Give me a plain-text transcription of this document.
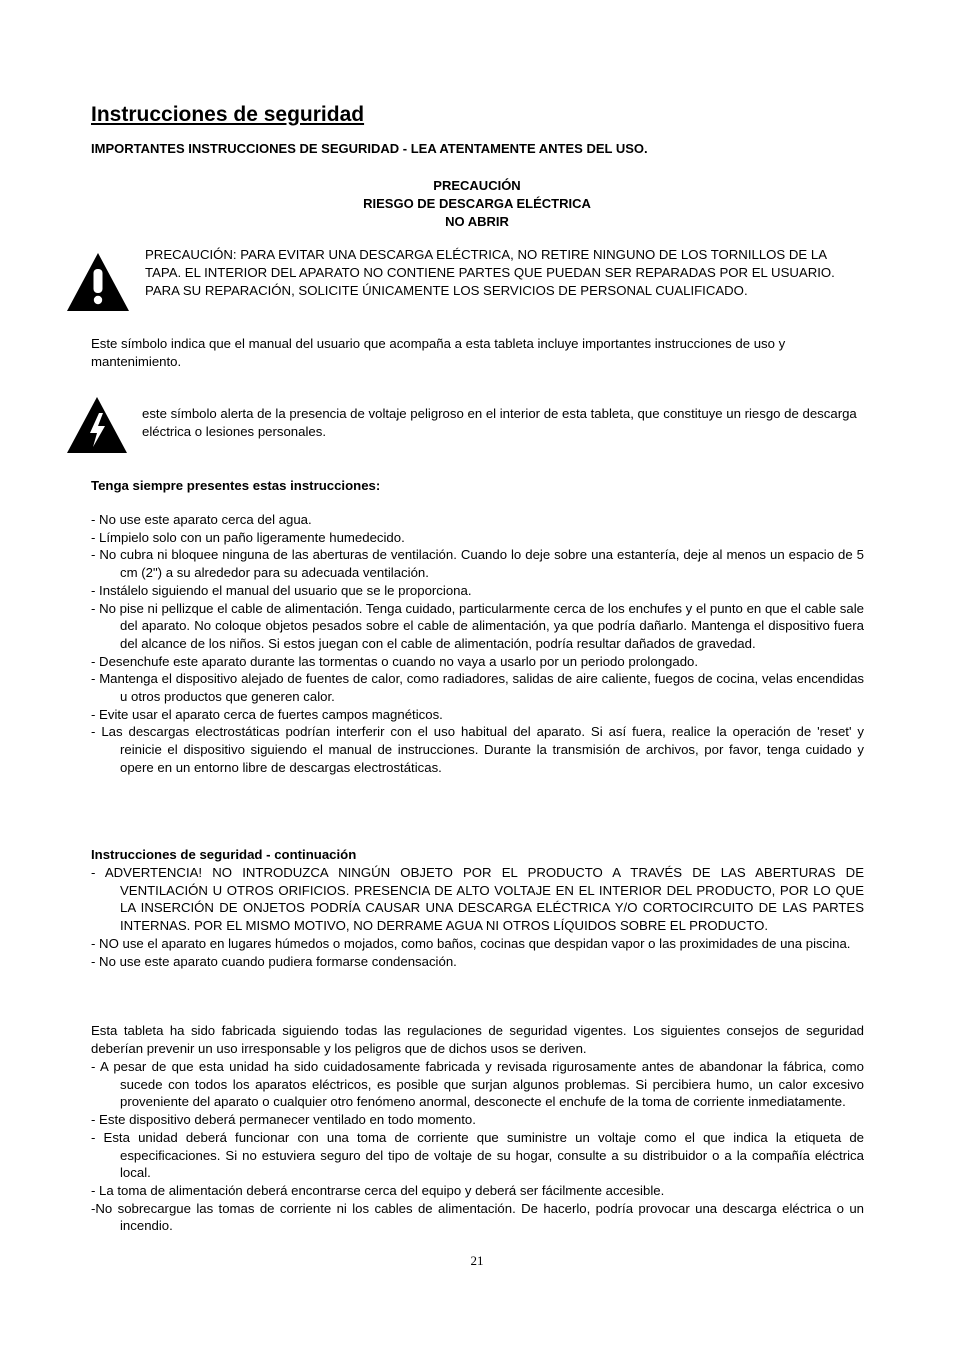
Instrucciones de seguridad

IMPORTANTES INSTRUCCIONES DE SEGURIDAD - LEA ATENTAMENTE ANTES DEL USO.

PRECAUCIÓN
RIESGO DE DESCARGA ELÉCTRICA
NO ABRIR

PRECAUCIÓN: PARA EVITAR UNA DESCARGA ELÉCTRICA, NO RETIRE NINGUNO DE LOS TORNILLOS DE LA TAPA. EL INTERIOR DEL APARATO NO CONTIENE PARTES QUE PUEDAN SER REPARADAS POR EL USUARIO. PARA SU REPARACIÓN, SOLICITE ÚNICAMENTE LOS SERVICIOS DE PERSONAL CUALIFICADO.

Este símbolo indica que el manual del usuario que acompaña a esta tableta incluye importantes instrucciones de uso y mantenimiento.

este símbolo alerta de la presencia de voltaje peligroso en el interior de esta tableta, que constituye un riesgo de descarga eléctrica o lesiones personales.

Tenga siempre presentes estas instrucciones:

- No use este aparato cerca del agua.
- Límpielo solo con un paño ligeramente humedecido.
- No cubra ni bloquee ninguna de las aberturas de ventilación. Cuando lo deje sobre una estantería, deje al menos un espacio de 5 cm (2") a su alrededor para su adecuada ventilación.
- Instálelo siguiendo el manual del usuario que se le proporciona.
- No pise ni pellizque el cable de alimentación. Tenga cuidado, particularmente cerca de los enchufes y el punto en que el cable sale del aparato. No coloque objetos pesados sobre el cable de alimentación, ya que podría dañarlo. Mantenga el dispositivo fuera del alcance de los niños. Si estos juegan con el cable de alimentación, podría resultar dañados de gravedad.
- Desenchufe este aparato durante las tormentas o cuando no vaya a usarlo por un periodo prolongado.
- Mantenga el dispositivo alejado de fuentes de calor, como radiadores, salidas de aire caliente, fuegos de cocina, velas encendidas u otros productos que generen calor.
- Evite usar el aparato cerca de fuertes campos magnéticos.
- Las descargas electrostáticas podrían interferir con el uso habitual del aparato. Si así fuera, realice la operación de 'reset' y reinicie el dispositivo siguiendo el manual de instrucciones. Durante la transmisión de archivos, por favor, tenga cuidado y opere en un entorno libre de descargas electrostáticas.

Instrucciones de seguridad - continuación

- ADVERTENCIA! NO INTRODUZCA NINGÚN OBJETO POR EL PRODUCTO A TRAVÉS DE LAS ABERTURAS DE VENTILACIÓN U OTROS ORIFICIOS. PRESENCIA DE ALTO VOLTAJE EN EL INTERIOR DEL PRODUCTO, POR LO QUE LA INSERCIÓN DE ONJETOS PODRÍA CAUSAR UNA DESCARGA ELÉCTRICA Y/O CORTOCIRCUITO DE LAS PARTES INTERNAS. POR EL MISMO MOTIVO, NO DERRAME AGUA NI OTROS LÍQUIDOS SOBRE EL PRODUCTO.
- NO use el aparato en lugares húmedos o mojados, como baños, cocinas que despidan vapor o las proximidades de una piscina.
- No use este aparato cuando pudiera formarse condensación.

Esta tableta ha sido fabricada siguiendo todas las regulaciones de seguridad vigentes. Los siguientes consejos de seguridad deberían prevenir un uso irresponsable y los peligros que de dichos usos se deriven.

- A pesar de que esta unidad ha sido cuidadosamente fabricada y revisada rigurosamente antes de abandonar la fábrica, como sucede con todos los aparatos eléctricos, es posible que surjan algunos problemas. Si percibiera humo, un calor excesivo proveniente del aparato o cualquier otro fenómeno anormal, desconecte el enchufe de la toma de corriente inmediatamente.
- Este dispositivo deberá permanecer ventilado en todo momento.
- Esta unidad deberá funcionar con una toma de corriente que suministre un voltaje como el que indica la etiqueta de especificaciones. Si no estuviera seguro del tipo de voltaje de su hogar, consulte a su distribuidor o a la compañía eléctrica local.
- La toma de alimentación deberá encontrarse cerca del equipo y deberá ser fácilmente accesible.
-No sobrecargue las tomas de corriente ni los cables de alimentación. De hacerlo, podría provocar una descarga eléctrica o un incendio.
21
